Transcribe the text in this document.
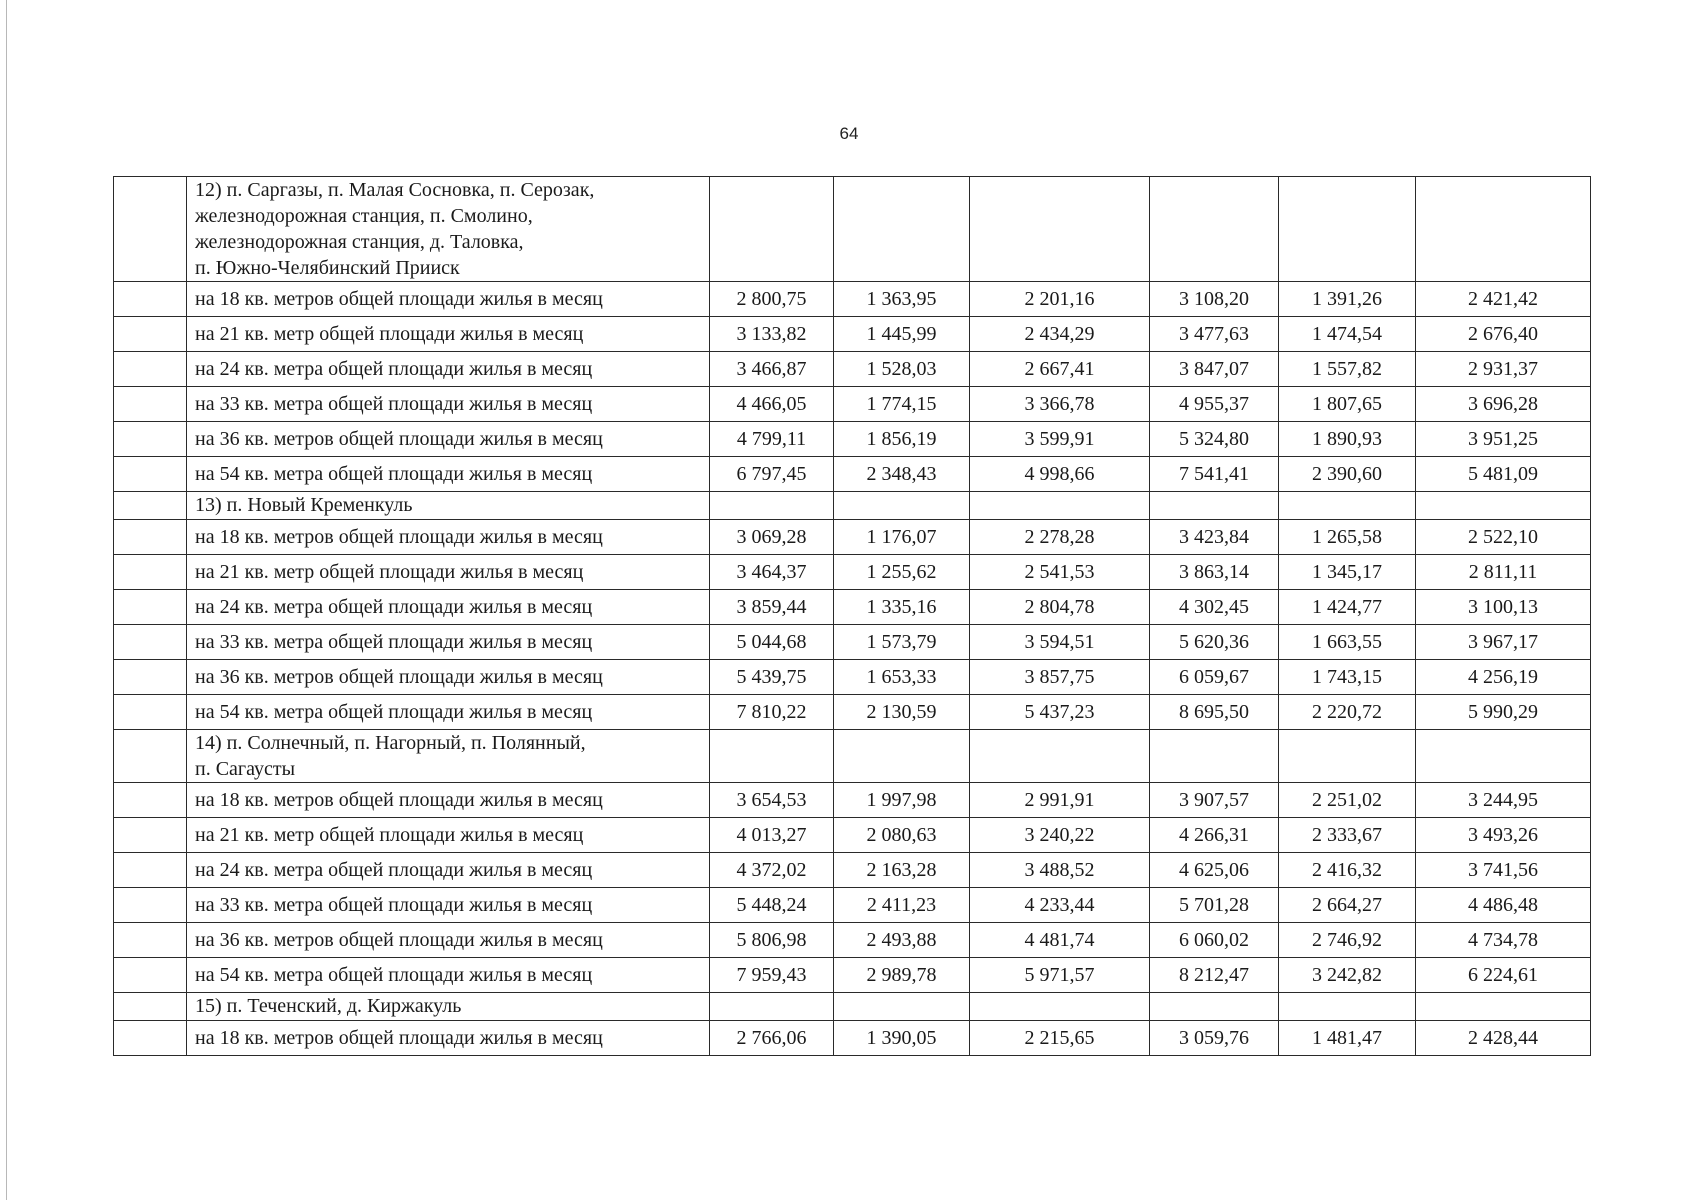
64
	12) п. Саргазы, п. Малая Сосновка, п. Серозак,
железнодорожная станция, п. Смолино,
железнодорожная станция, д. Таловка,
п. Южно-Челябинский Прииск						
	на 18 кв. метров общей площади жилья в месяц	2 800,75	1 363,95	2 201,16	3 108,20	1 391,26	2 421,42
	на 21 кв. метр общей площади жилья в месяц	3 133,82	1 445,99	2 434,29	3 477,63	1 474,54	2 676,40
	на 24 кв. метра общей площади жилья в месяц	3 466,87	1 528,03	2 667,41	3 847,07	1 557,82	2 931,37
	на 33 кв. метра общей площади жилья в месяц	4 466,05	1 774,15	3 366,78	4 955,37	1 807,65	3 696,28
	на 36 кв. метров общей площади жилья в месяц	4 799,11	1 856,19	3 599,91	5 324,80	1 890,93	3 951,25
	на 54 кв. метра общей площади жилья в месяц	6 797,45	2 348,43	4 998,66	7 541,41	2 390,60	5 481,09
	13) п. Новый Кременкуль						
	на 18 кв. метров общей площади жилья в месяц	3 069,28	1 176,07	2 278,28	3 423,84	1 265,58	2 522,10
	на 21 кв. метр общей площади жилья в месяц	3 464,37	1 255,62	2 541,53	3 863,14	1 345,17	2 811,11
	на 24 кв. метра общей площади жилья в месяц	3 859,44	1 335,16	2 804,78	4 302,45	1 424,77	3 100,13
	на 33 кв. метра общей площади жилья в месяц	5 044,68	1 573,79	3 594,51	5 620,36	1 663,55	3 967,17
	на 36 кв. метров общей площади жилья в месяц	5 439,75	1 653,33	3 857,75	6 059,67	1 743,15	4 256,19
	на 54 кв. метра общей площади жилья в месяц	7 810,22	2 130,59	5 437,23	8 695,50	2 220,72	5 990,29
	14) п. Солнечный, п. Нагорный, п. Полянный,
п. Сагаусты						
	на 18 кв. метров общей площади жилья в месяц	3 654,53	1 997,98	2 991,91	3 907,57	2 251,02	3 244,95
	на 21 кв. метр общей площади жилья в месяц	4 013,27	2 080,63	3 240,22	4 266,31	2 333,67	3 493,26
	на 24 кв. метра общей площади жилья в месяц	4 372,02	2 163,28	3 488,52	4 625,06	2 416,32	3 741,56
	на 33 кв. метра общей площади жилья в месяц	5 448,24	2 411,23	4 233,44	5 701,28	2 664,27	4 486,48
	на 36 кв. метров общей площади жилья в месяц	5 806,98	2 493,88	4 481,74	6 060,02	2 746,92	4 734,78
	на 54 кв. метра общей площади жилья в месяц	7 959,43	2 989,78	5 971,57	8 212,47	3 242,82	6 224,61
	15) п. Теченский, д. Киржакуль						
	на 18 кв. метров общей площади жилья в месяц	2 766,06	1 390,05	2 215,65	3 059,76	1 481,47	2 428,44
